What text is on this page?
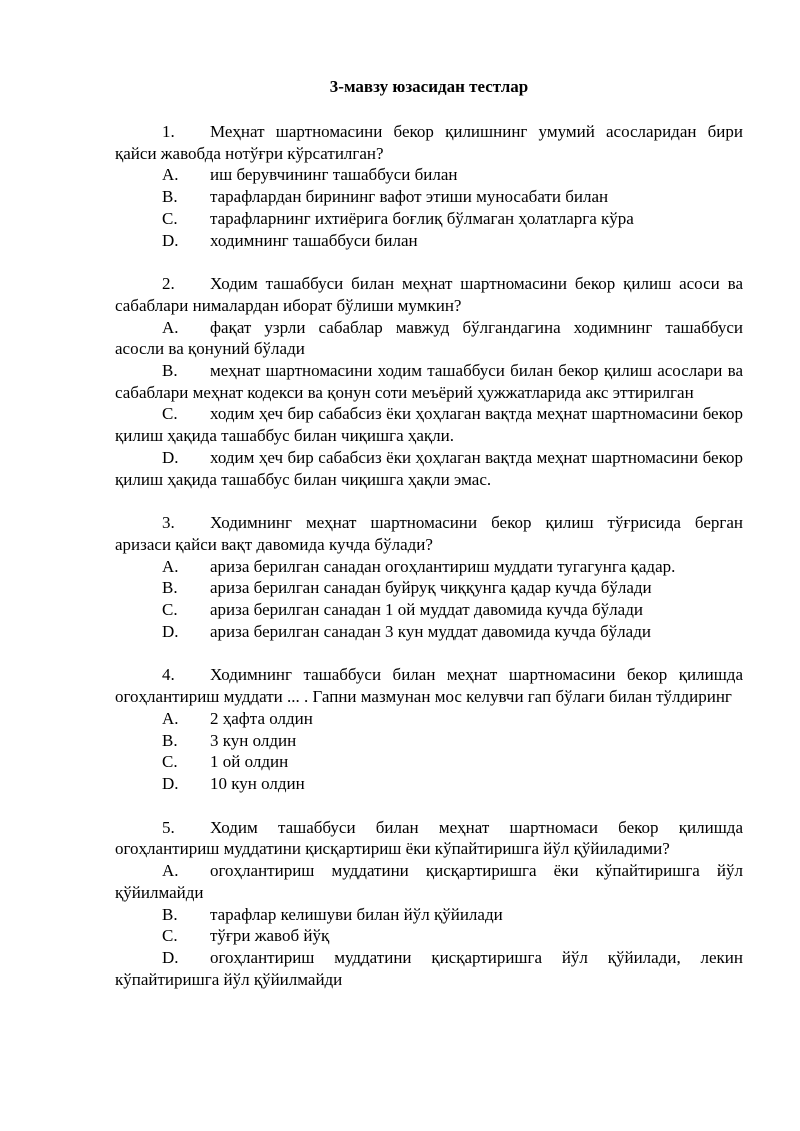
3-мавзу юзасидан тестлар

1. Меҳнат шартномасини бекор қилишнинг умумий асосларидан бири қайси жавобда нотўғри кўрсатилган?

A. иш берувчининг ташаббуси билан

B. тарафлардан бирининг вафот этиши муносабати билан

C. тарафларнинг ихтиёрига боғлиқ бўлмаган ҳолатларга кўра

D. ходимнинг ташаббуси билан

2. Ходим ташаббуси билан меҳнат шартномасини бекор қилиш асоси ва сабаблари нималардан иборат бўлиши мумкин?

A. фақат узрли сабаблар мавжуд бўлгандагина ходимнинг ташаббуси асосли ва қонуний бўлади

B. меҳнат шартномасини ходим ташаббуси билан бекор қилиш асослари ва сабаблари меҳнат кодекси ва қонун соти меъёрий ҳужжатларида акс эттирилган

C. ходим ҳеч бир сабабсиз ёки ҳоҳлаган вақтда меҳнат шартномасини бекор қилиш ҳақида ташаббус билан чиқишга ҳақли.

D. ходим ҳеч бир сабабсиз ёки ҳоҳлаган вақтда меҳнат шартномасини бекор қилиш ҳақида ташаббус билан чиқишга ҳақли эмас.

3. Ходимнинг меҳнат шартномасини бекор қилиш тўғрисида берган аризаси қайси вақт давомида кучда бўлади?

A. ариза берилган санадан огоҳлантириш муддати тугагунга қадар.

B. ариза берилган санадан буйруқ чиққунга қадар кучда бўлади

C. ариза берилган санадан 1 ой муддат давомида кучда бўлади

D. ариза берилган санадан 3 кун муддат давомида кучда бўлади

4. Ходимнинг ташаббуси билан меҳнат шартномасини бекор қилишда огоҳлантириш муддати ... . Гапни мазмунан мос келувчи гап бўлаги билан тўлдиринг

A. 2 ҳафта олдин

B. 3 кун олдин

C. 1 ой олдин

D. 10 кун олдин

5. Ходим ташаббуси билан меҳнат шартномаси бекор қилишда огоҳлантириш муддатини қисқартириш ёки кўпайтиришга йўл қўйиладими?

A. огоҳлантириш муддатини қисқартиришга ёки кўпайтиришга йўл қўйилмайди

B. тарафлар келишуви билан йўл қўйилади

C. тўғри жавоб йўқ

D. огоҳлантириш муддатини қисқартиришга йўл қўйилади, лекин кўпайтиришга йўл қўйилмайди
